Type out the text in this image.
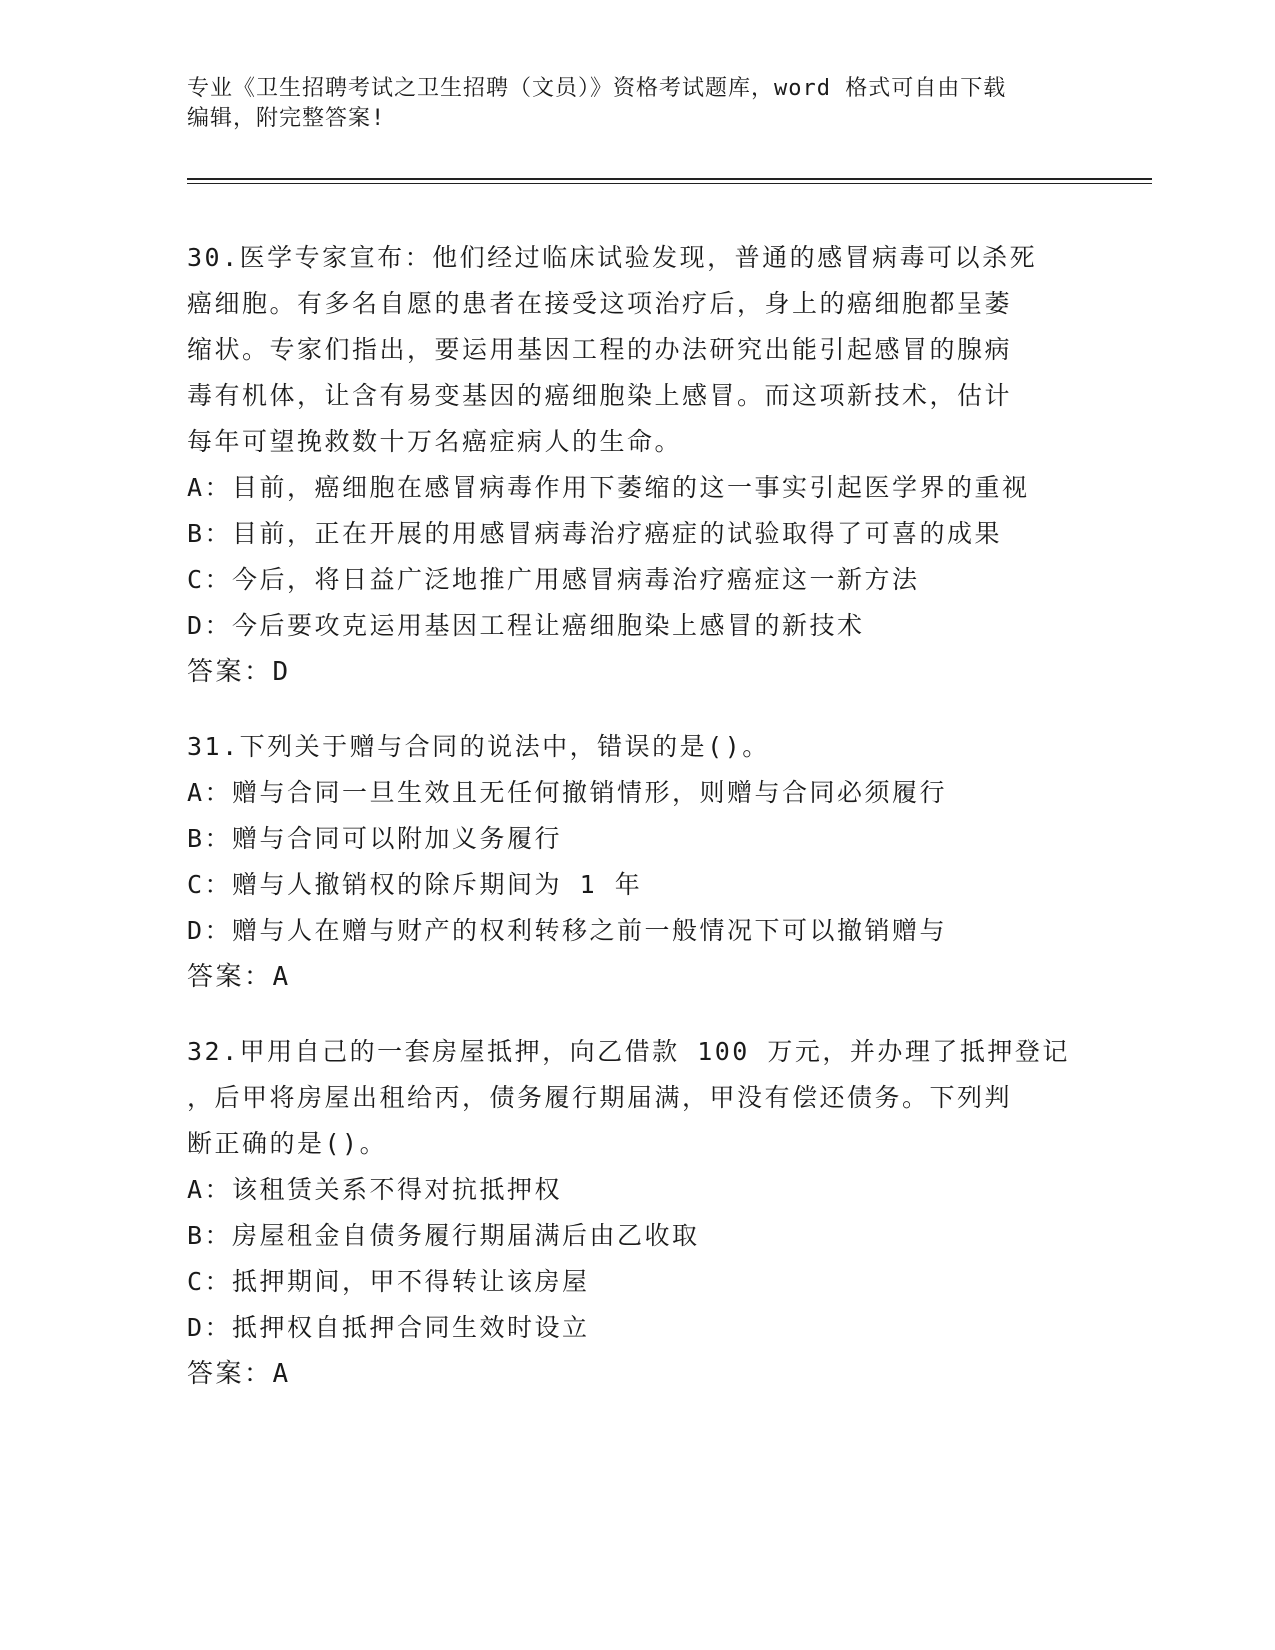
专业《卫生招聘考试之卫生招聘（文员）》资格考试题库，word 格式可自由下载
编辑，附完整答案!
30.医学专家宣布：他们经过临床试验发现，普通的感冒病毒可以杀死
癌细胞。有多名自愿的患者在接受这项治疗后，身上的癌细胞都呈萎
缩状。专家们指出，要运用基因工程的办法研究出能引起感冒的腺病
毒有机体，让含有易变基因的癌细胞染上感冒。而这项新技术，估计
每年可望挽救数十万名癌症病人的生命。
A：目前，癌细胞在感冒病毒作用下萎缩的这一事实引起医学界的重视
B：目前，正在开展的用感冒病毒治疗癌症的试验取得了可喜的成果
C：今后，将日益广泛地推广用感冒病毒治疗癌症这一新方法
D：今后要攻克运用基因工程让癌细胞染上感冒的新技术
答案：D
31.下列关于赠与合同的说法中，错误的是()。
A：赠与合同一旦生效且无任何撤销情形，则赠与合同必须履行
B：赠与合同可以附加义务履行
C：赠与人撤销权的除斥期间为 1 年
D：赠与人在赠与财产的权利转移之前一般情况下可以撤销赠与
答案：A
32.甲用自己的一套房屋抵押，向乙借款 100 万元，并办理了抵押登记
，后甲将房屋出租给丙，债务履行期届满，甲没有偿还债务。下列判
断正确的是()。
A：该租赁关系不得对抗抵押权
B：房屋租金自债务履行期届满后由乙收取
C：抵押期间，甲不得转让该房屋
D：抵押权自抵押合同生效时设立
答案：A
